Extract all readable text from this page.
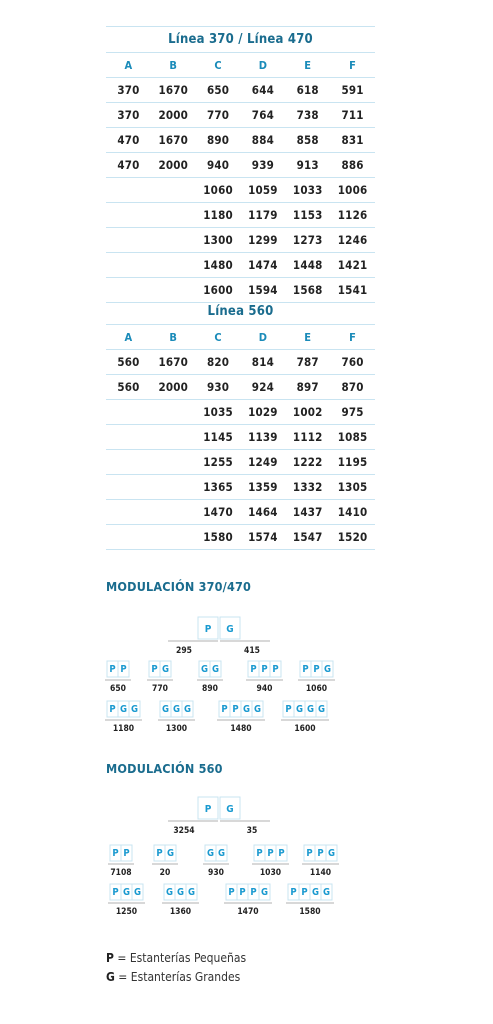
Línea 370 / Línea 470					
A	B	C	D	E	F
370	1670	650	644	618	591
370	2000	770	764	738	711
470	1670	890	884	858	831
470	2000	940	939	913	886
		1060	1059	1033	1006
		1180	1179	1153	1126
		1300	1299	1273	1246
		1480	1474	1448	1421
		1600	1594	1568	1541
Línea 560					
A	B	C	D	E	F
560	1670	820	814	787	760
560	2000	930	924	897	870
		1035	1029	1002	975
		1145	1139	1112	1085
		1255	1249	1222	1195
		1365	1359	1332	1305
		1470	1464	1437	1410
		1580	1574	1547	1520
MODULACIÓN 370/470
MODULACIÓN 560
P G
295	415
P P
650
P G
770
G G
890
P P P
940
P P G
1060
P G G
1180
G G G
1300
P P G G
1480
P G G G
1600
P G
3254	35
P P
7108
P G
20
G G
930
P P P
1030
P P G
1140
P G G
1250
G G G
1360
P P P G
1470
P P G G
1580
P = Estanterías Pequeñas
G = Estanterías Grandes
